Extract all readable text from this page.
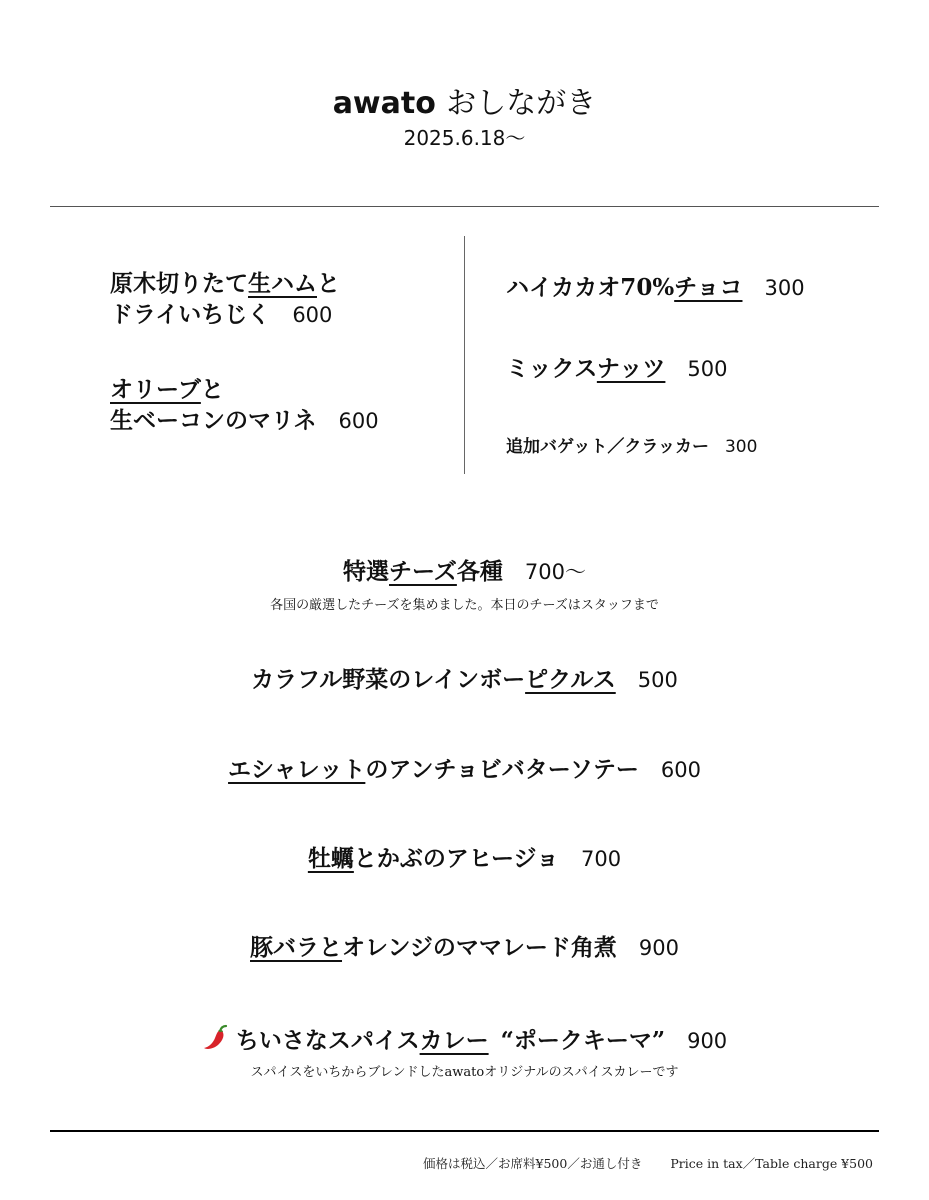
awato おしながき
2025.6.18～
原木切りたて生ハムと
ドライいちじく 600
オリーブと
生ベーコンのマリネ 600
ハイカカオ70%チョコ 300
ミックスナッツ 500
追加バゲット／クラッカー 300
特選チーズ各種 700～
各国の厳選したチーズを集めました。本日のチーズはスタッフまで
カラフル野菜のレインボーピクルス 500
エシャレットのアンチョビバターソテー 600
牡蠣とかぶのアヒージョ 700
豚バラとオレンジのママレード角煮 900
ちいさなスパイスカレー “ポークキーマ” 900
スパイスをいちからブレンドしたawatoオリジナルのスパイスカレーです
価格は税込／お席料¥500／お通し付き Price in tax／Table charge ¥500
